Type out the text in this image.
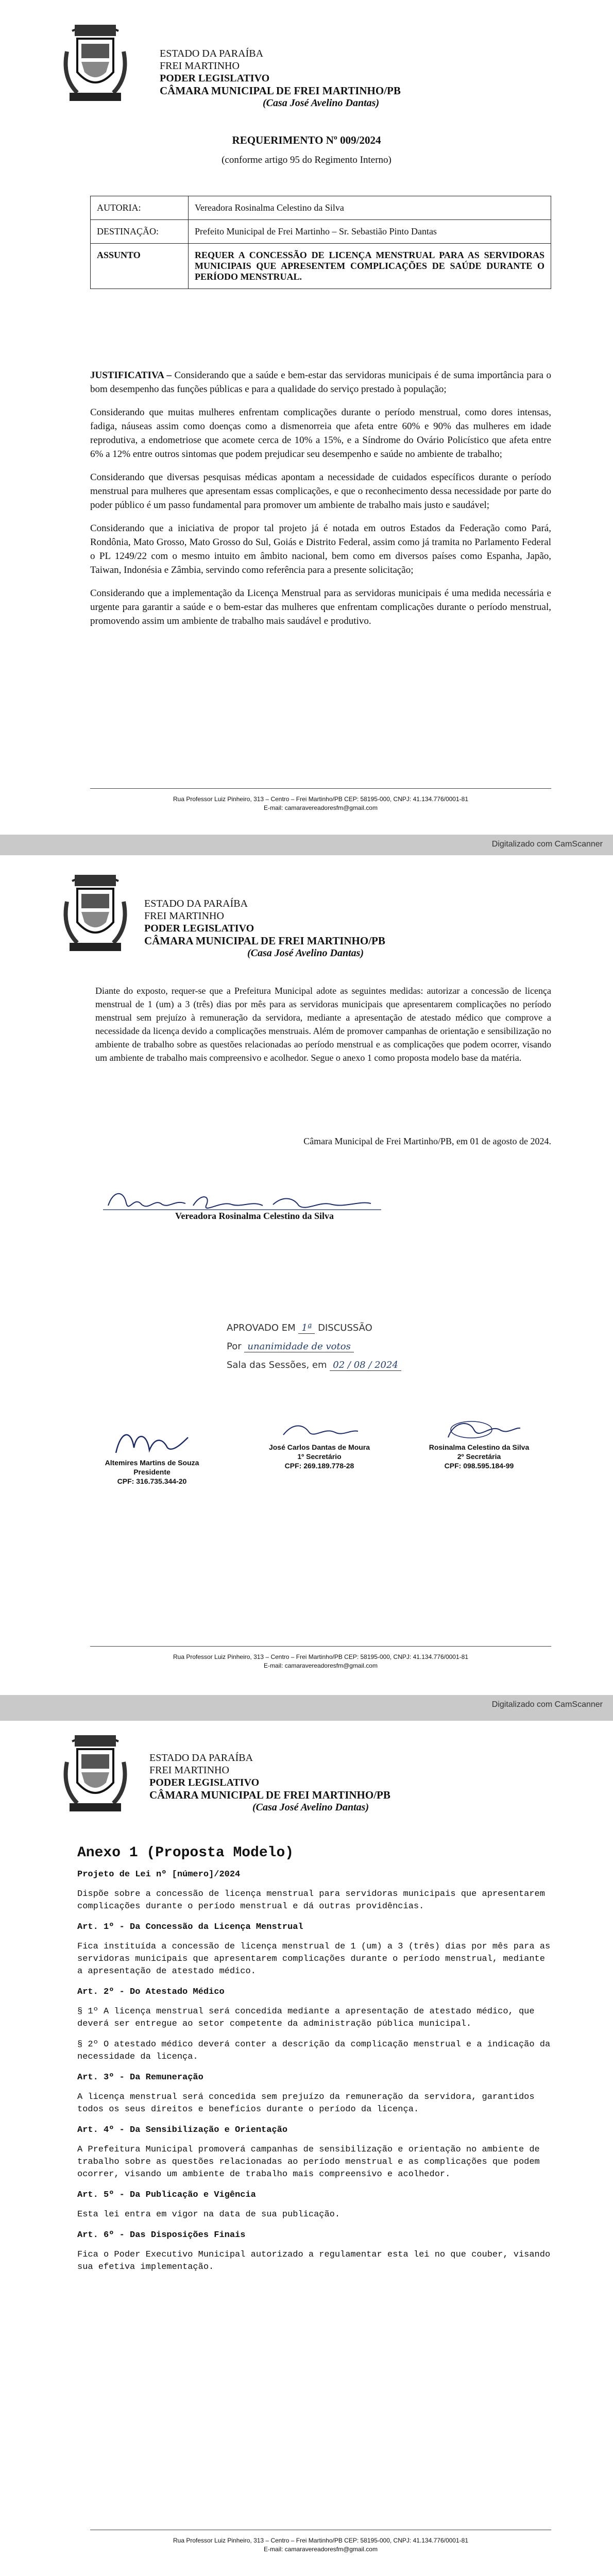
ESTADO DA PARAÍBA
FREI MARTINHO
PODER LEGISLATIVO
CÂMARA MUNICIPAL DE FREI MARTINHO/PB
(Casa José Avelino Dantas)
REQUERIMENTO Nº 009/2024
(conforme artigo 95 do Regimento Interno)
AUTORIA:	Vereadora Rosinalma Celestino da Silva
DESTINAÇÃO:	Prefeito Municipal de Frei Martinho – Sr. Sebastião Pinto Dantas
ASSUNTO	REQUER A CONCESSÃO DE LICENÇA MENSTRUAL PARA AS SERVIDORAS MUNICIPAIS QUE APRESENTEM COMPLICAÇÕES DE SAÚDE DURANTE O PERÍODO MENSTRUAL.

JUSTIFICATIVA – Considerando que a saúde e bem-estar das servidoras municipais é de suma importância para o bom desempenho das funções públicas e para a qualidade do serviço prestado à população;

Considerando que muitas mulheres enfrentam complicações durante o período menstrual, como dores intensas, fadiga, náuseas assim como doenças como a dismenorreia que afeta entre 60% e 90% das mulheres em idade reprodutiva, a endometriose que acomete cerca de 10% a 15%, e a Síndrome do Ovário Policístico que afeta entre 6% a 12% entre outros sintomas que podem prejudicar seu desempenho e saúde no ambiente de trabalho;

Considerando que diversas pesquisas médicas apontam a necessidade de cuidados específicos durante o período menstrual para mulheres que apresentam essas complicações, e que o reconhecimento dessa necessidade por parte do poder público é um passo fundamental para promover um ambiente de trabalho mais justo e saudável;

Considerando que a iniciativa de propor tal projeto já é notada em outros Estados da Federação como Pará, Rondônia, Mato Grosso, Mato Grosso do Sul, Goiás e Distrito Federal, assim como já tramita no Parlamento Federal o PL 1249/22 com o mesmo intuito em âmbito nacional, bem como em diversos países como Espanha, Japão, Taiwan, Indonésia e Zâmbia, servindo como referência para a presente solicitação;

Considerando que a implementação da Licença Menstrual para as servidoras municipais é uma medida necessária e urgente para garantir a saúde e o bem-estar das mulheres que enfrentam complicações durante o período menstrual, promovendo assim um ambiente de trabalho mais saudável e produtivo.

Rua Professor Luiz Pinheiro, 313 – Centro – Frei Martinho/PB CEP: 58195-000, CNPJ: 41.134.776/0001-81
E-mail: camaravereadoresfm@gmail.com
Digitalizado com CamScanner
ESTADO DA PARAÍBA
FREI MARTINHO
PODER LEGISLATIVO
CÂMARA MUNICIPAL DE FREI MARTINHO/PB
(Casa José Avelino Dantas)

Diante do exposto, requer-se que a Prefeitura Municipal adote as seguintes medidas: autorizar a concessão de licença menstrual de 1 (um) a 3 (três) dias por mês para as servidoras municipais que apresentarem complicações no período menstrual sem prejuízo à remuneração da servidora, mediante a apresentação de atestado médico que comprove a necessidade da licença devido a complicações menstruais. Além de promover campanhas de orientação e sensibilização no ambiente de trabalho sobre as questões relacionadas ao período menstrual e as complicações que podem ocorrer, visando um ambiente de trabalho mais compreensivo e acolhedor. Segue o anexo 1 como proposta modelo base da matéria.

Câmara Municipal de Frei Martinho/PB, em 01 de agosto de 2024.
Vereadora Rosinalma Celestino da Silva
APROVADO EM 1ª DISCUSSÃO
Por unanimidade de votos
Sala das Sessões, em 02 / 08 / 2024
Altemires Martins de Souza
Presidente
CPF: 316.735.344-20
José Carlos Dantas de Moura
1º Secretário
CPF: 269.189.778-28
Rosinalma Celestino da Silva
2º Secretária
CPF: 098.595.184-99
Rua Professor Luiz Pinheiro, 313 – Centro – Frei Martinho/PB CEP: 58195-000, CNPJ: 41.134.776/0001-81
E-mail: camaravereadoresfm@gmail.com
Digitalizado com CamScanner
ESTADO DA PARAÍBA
FREI MARTINHO
PODER LEGISLATIVO
CÂMARA MUNICIPAL DE FREI MARTINHO/PB
(Casa José Avelino Dantas)
Anexo 1 (Proposta Modelo)

Projeto de Lei nº [número]/2024

Dispõe sobre a concessão de licença menstrual para servidoras municipais que apresentarem complicações durante o período menstrual e dá outras providências.

Art. 1º - Da Concessão da Licença Menstrual

Fica instituída a concessão de licença menstrual de 1 (um) a 3 (três) dias por mês para as servidoras municipais que apresentarem complicações durante o período menstrual, mediante a apresentação de atestado médico.

Art. 2º - Do Atestado Médico

§ 1º A licença menstrual será concedida mediante a apresentação de atestado médico, que deverá ser entregue ao setor competente da administração pública municipal.

§ 2º O atestado médico deverá conter a descrição da complicação menstrual e a indicação da necessidade da licença.

Art. 3º - Da Remuneração

A licença menstrual será concedida sem prejuízo da remuneração da servidora, garantidos todos os seus direitos e benefícios durante o período da licença.

Art. 4º - Da Sensibilização e Orientação

A Prefeitura Municipal promoverá campanhas de sensibilização e orientação no ambiente de trabalho sobre as questões relacionadas ao período menstrual e as complicações que podem ocorrer, visando um ambiente de trabalho mais compreensivo e acolhedor.

Art. 5º - Da Publicação e Vigência

Esta lei entra em vigor na data de sua publicação.

Art. 6º - Das Disposições Finais

Fica o Poder Executivo Municipal autorizado a regulamentar esta lei no que couber, visando sua efetiva implementação.

Rua Professor Luiz Pinheiro, 313 – Centro – Frei Martinho/PB CEP: 58195-000, CNPJ: 41.134.776/0001-81
E-mail: camaravereadoresfm@gmail.com
